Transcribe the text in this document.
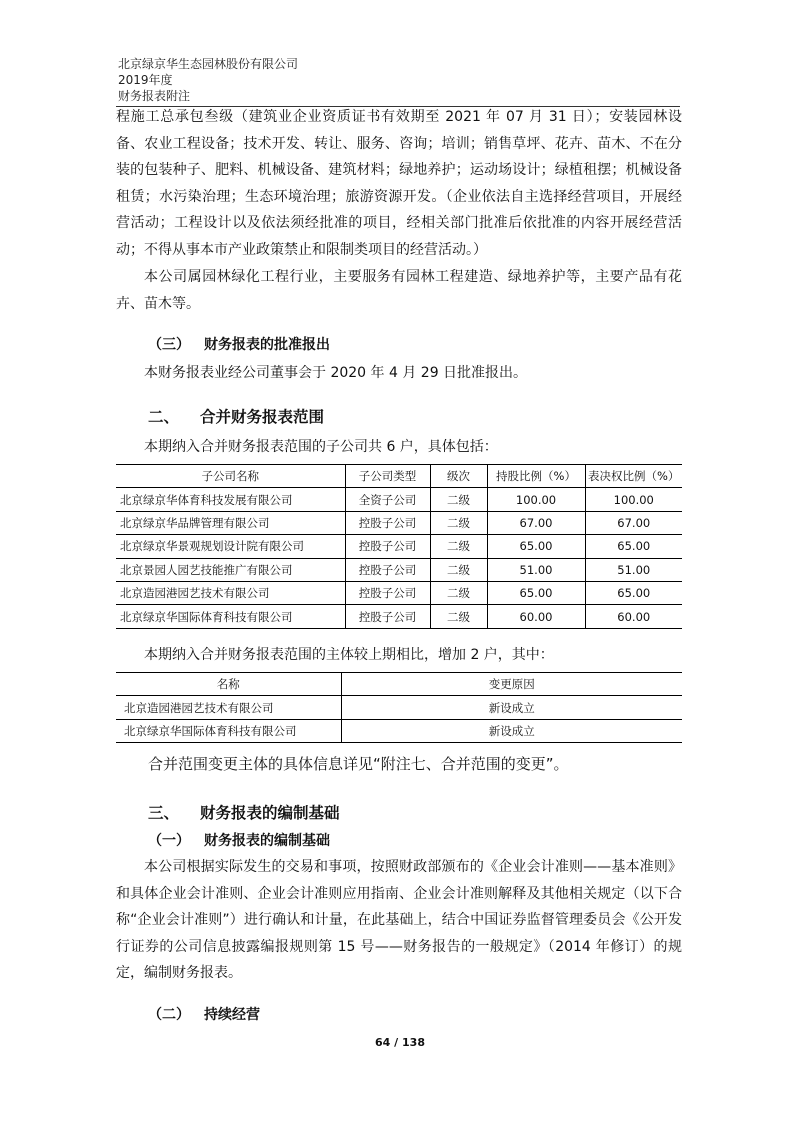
北京绿京华生态园林股份有限公司
2019年度
财务报表附注
程施工总承包叁级（建筑业企业资质证书有效期至 2021 年 07 月 31 日）；安装园林设备、农业工程设备；技术开发、转让、服务、咨询；培训；销售草坪、花卉、苗木、不在分装的包装种子、肥料、机械设备、建筑材料；绿地养护；运动场设计；绿植租摆；机械设备租赁；水污染治理；生态环境治理；旅游资源开发。（企业依法自主选择经营项目，开展经营活动；工程设计以及依法须经批准的项目，经相关部门批准后依批准的内容开展经营活动；不得从事本市产业政策禁止和限制类项目的经营活动。）
本公司属园林绿化工程行业，主要服务有园林工程建造、绿地养护等，主要产品有花卉、苗木等。
（三） 财务报表的批准报出
本财务报表业经公司董事会于 2020 年 4 月 29 日批准报出。
二、 合并财务报表范围
本期纳入合并财务报表范围的子公司共 6 户，具体包括：
子公司名称	子公司类型	级次	持股比例（%）	表决权比例（%）
北京绿京华体育科技发展有限公司	全资子公司	二级	100.00	100.00
北京绿京华品牌管理有限公司	控股子公司	二级	67.00	67.00
北京绿京华景观规划设计院有限公司	控股子公司	二级	65.00	65.00
北京景园人园艺技能推广有限公司	控股子公司	二级	51.00	51.00
北京造园港园艺技术有限公司	控股子公司	二级	65.00	65.00
北京绿京华国际体育科技有限公司	控股子公司	二级	60.00	60.00
本期纳入合并财务报表范围的主体较上期相比，增加 2 户，其中：
名称	变更原因
北京造园港园艺技术有限公司	新设成立
北京绿京华国际体育科技有限公司	新设成立
合并范围变更主体的具体信息详见“附注七、合并范围的变更”。
三、 财务报表的编制基础
（一） 财务报表的编制基础
本公司根据实际发生的交易和事项，按照财政部颁布的《企业会计准则——基本准则》和具体企业会计准则、企业会计准则应用指南、企业会计准则解释及其他相关规定（以下合称“企业会计准则”）进行确认和计量，在此基础上，结合中国证券监督管理委员会《公开发行证券的公司信息披露编报规则第 15 号——财务报告的一般规定》（2014 年修订）的规定，编制财务报表。
（二） 持续经营
64 / 138
